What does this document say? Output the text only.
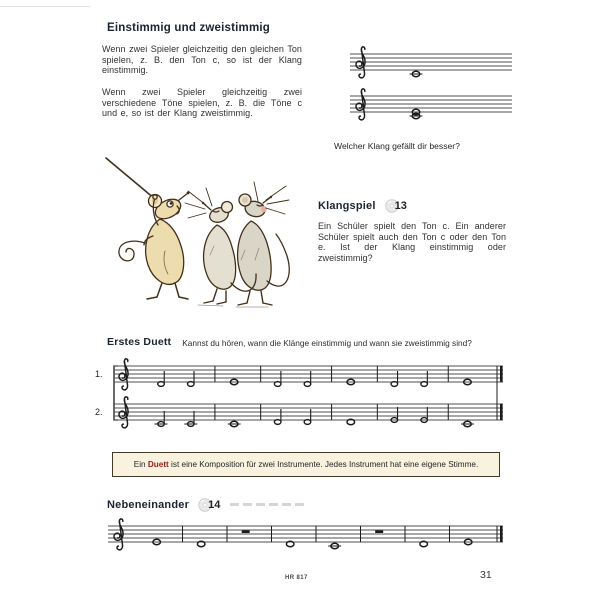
Einstimmig und zweistimmig

Wenn zwei Spieler gleichzeitig den gleichen Ton spielen, z. B. den Ton c, so ist der Klang einstimmig.

Wenn zwei Spieler gleichzeitig zwei verschiedene Töne spielen, z. B. die Töne c und e, so ist der Klang zweistimmig.

Welcher Klang gefällt dir besser?
Klangspiel 13

Ein Schüler spielt den Ton c. Ein anderer Schüler spielt auch den Ton c oder den Ton e. Ist der Klang einstimmig oder zweistimmig?

Erstes Duett Kannst du hören, wann die Klänge einstimmig und wann sie zweistimmig sind?
1.
2.
Ein Duett ist eine Komposition für zwei Instrumente. Jedes Instrument hat eine eigene Stimme.
Nebeneinander 14
HR 817	31
